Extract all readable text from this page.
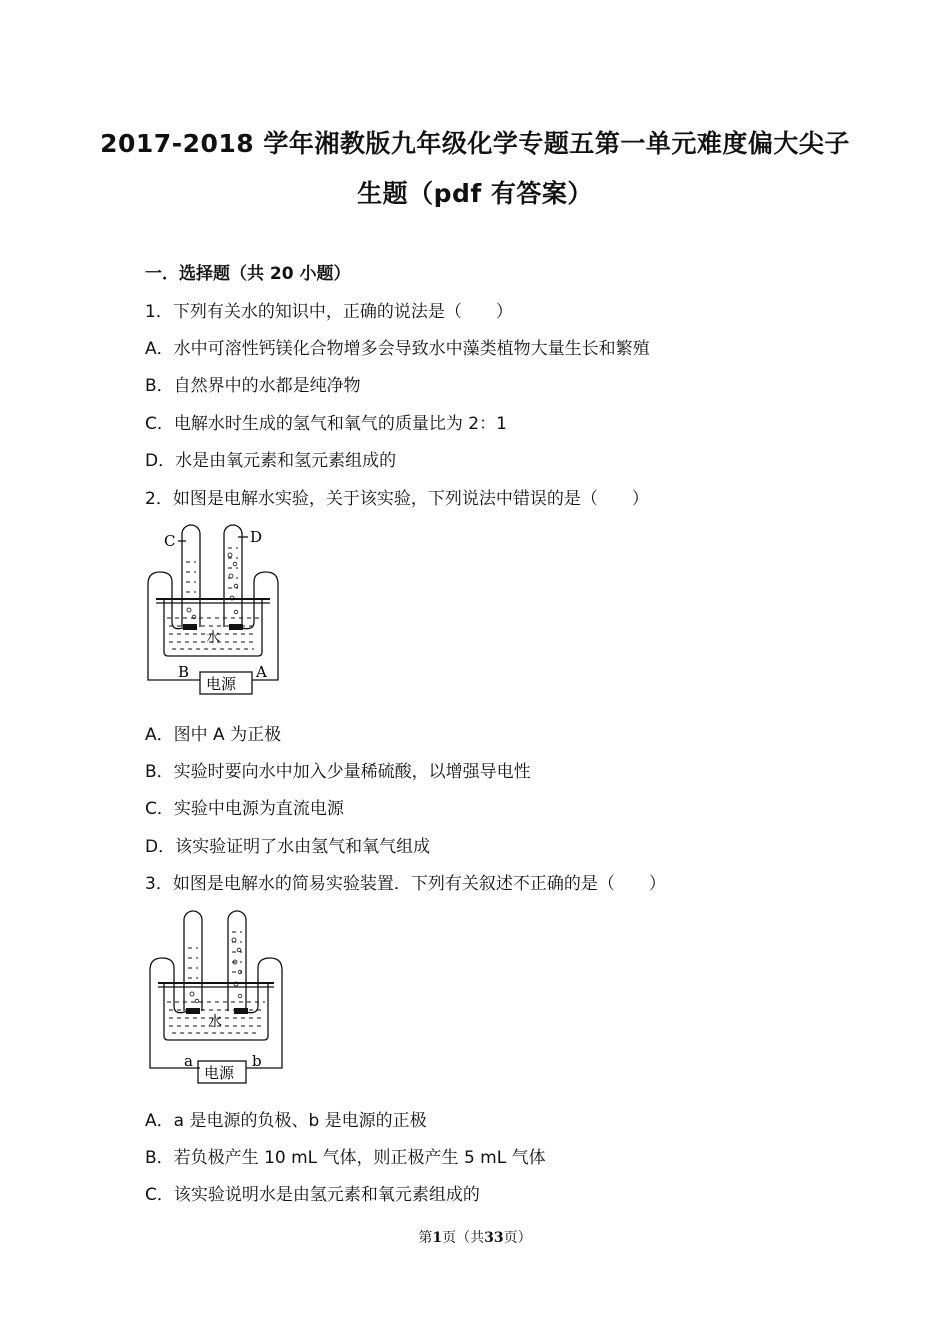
2017-2018 学年湘教版九年级化学专题五第一单元难度偏大尖子
生题（pdf 有答案）
一．选择题（共 20 小题）
1．下列有关水的知识中，正确的说法是（　　）
A．水中可溶性钙镁化合物增多会导致水中藻类植物大量生长和繁殖
B．自然界中的水都是纯净物
C．电解水时生成的氢气和氧气的质量比为 2：1
D．水是由氧元素和氢元素组成的
2．如图是电解水实验，关于该实验，下列说法中错误的是（　　）
C	D
水
B	A
电源
A．图中 A 为正极
B．实验时要向水中加入少量稀硫酸，以增强导电性
C．实验中电源为直流电源
D．该实验证明了水由氢气和氧气组成
3．如图是电解水的简易实验装置．下列有关叙述不正确的是（　　）
水
a	b
电源
A．a 是电源的负极、b 是电源的正极
B．若负极产生 10 mL 气体，则正极产生 5 mL 气体
C．该实验说明水是由氢元素和氧元素组成的
第1页（共33页）
